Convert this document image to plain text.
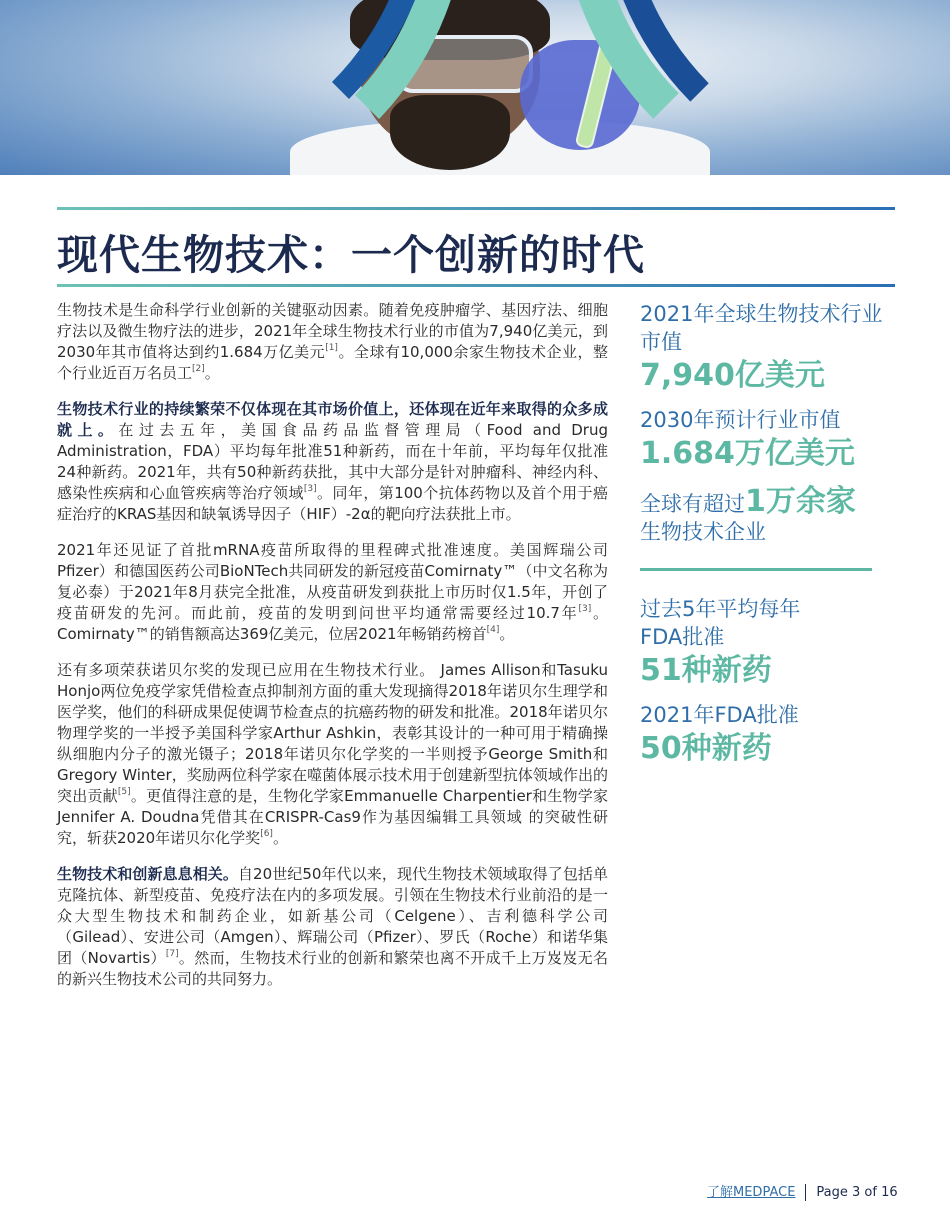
现代生物技术：一个创新的时代

生物技术是生命科学行业创新的关键驱动因素。随着免疫肿瘤学、基因疗法、细胞疗法以及微生物疗法的进步，2021年全球生物技术行业的市值为7,940亿美元，到2030年其市值将达到约1.684万亿美元[1]。全球有10,000余家生物技术企业，整个行业近百万名员工[2]。

生物技术行业的持续繁荣不仅体现在其市场价值上，还体现在近年来取得的众多成就上。在过去五年，美国食品药品监督管理局（Food and Drug Administration，FDA）平均每年批准51种新药，而在十年前，平均每年仅批准24种新药。2021年，共有50种新药获批，其中大部分是针对肿瘤科、神经内科、感染性疾病和心血管疾病等治疗领域[3]。同年，第100个抗体药物以及首个用于癌症治疗的KRAS基因和缺氧诱导因子（HIF）-2α的靶向疗法获批上市。

2021年还见证了首批mRNA疫苗所取得的里程碑式批准速度。美国辉瑞公司Pfizer）和德国医药公司BioNTech共同研发的新冠疫苗Comirnaty™（中文名称为复必泰）于2021年8月获完全批准，从疫苗研发到获批上市历时仅1.5年，开创了疫苗研发的先河。而此前，疫苗的发明到问世平均通常需要经过10.7年[3]。Comirnaty™的销售额高达369亿美元，位居2021年畅销药榜首[4]。

还有多项荣获诺贝尔奖的发现已应用在生物技术行业。 James Allison和Tasuku Honjo两位免疫学家凭借检查点抑制剂方面的重大发现摘得2018年诺贝尔生理学和医学奖，他们的科研成果促使调节检查点的抗癌药物的研发和批准。2018年诺贝尔物理学奖的一半授予美国科学家Arthur Ashkin，表彰其设计的一种可用于精确操纵细胞内分子的激光镊子；2018年诺贝尔化学奖的一半则授予George Smith和Gregory Winter，奖励两位科学家在噬菌体展示技术用于创建新型抗体领域作出的突出贡献[5]。更值得注意的是，生物化学家Emmanuelle Charpentier和生物学家Jennifer A. Doudna凭借其在CRISPR-Cas9作为基因编辑工具领域 的突破性研究，斩获2020年诺贝尔化学奖[6]。

生物技术和创新息息相关。自20世纪50年代以来，现代生物技术领域取得了包括单克隆抗体、新型疫苗、免疫疗法在内的多项发展。引领在生物技术行业前沿的是一众大型生物技术和制药企业，如新基公司（Celgene）、吉利德科学公司（Gilead）、安进公司（Amgen）、辉瑞公司（Pfizer）、罗氏（Roche）和诺华集团（Novartis）[7]。然而，生物技术行业的创新和繁荣也离不开成千上万岌岌无名的新兴生物技术公司的共同努力。

2021年全球生物技术行业市值

7,940亿美元

2030年预计行业市值

1.684万亿美元

全球有超过1万余家
生物技术企业

过去5年平均每年FDA批准

51种新药

2021年FDA批准

50种新药

了解MEDPACE Page 3 of 16
